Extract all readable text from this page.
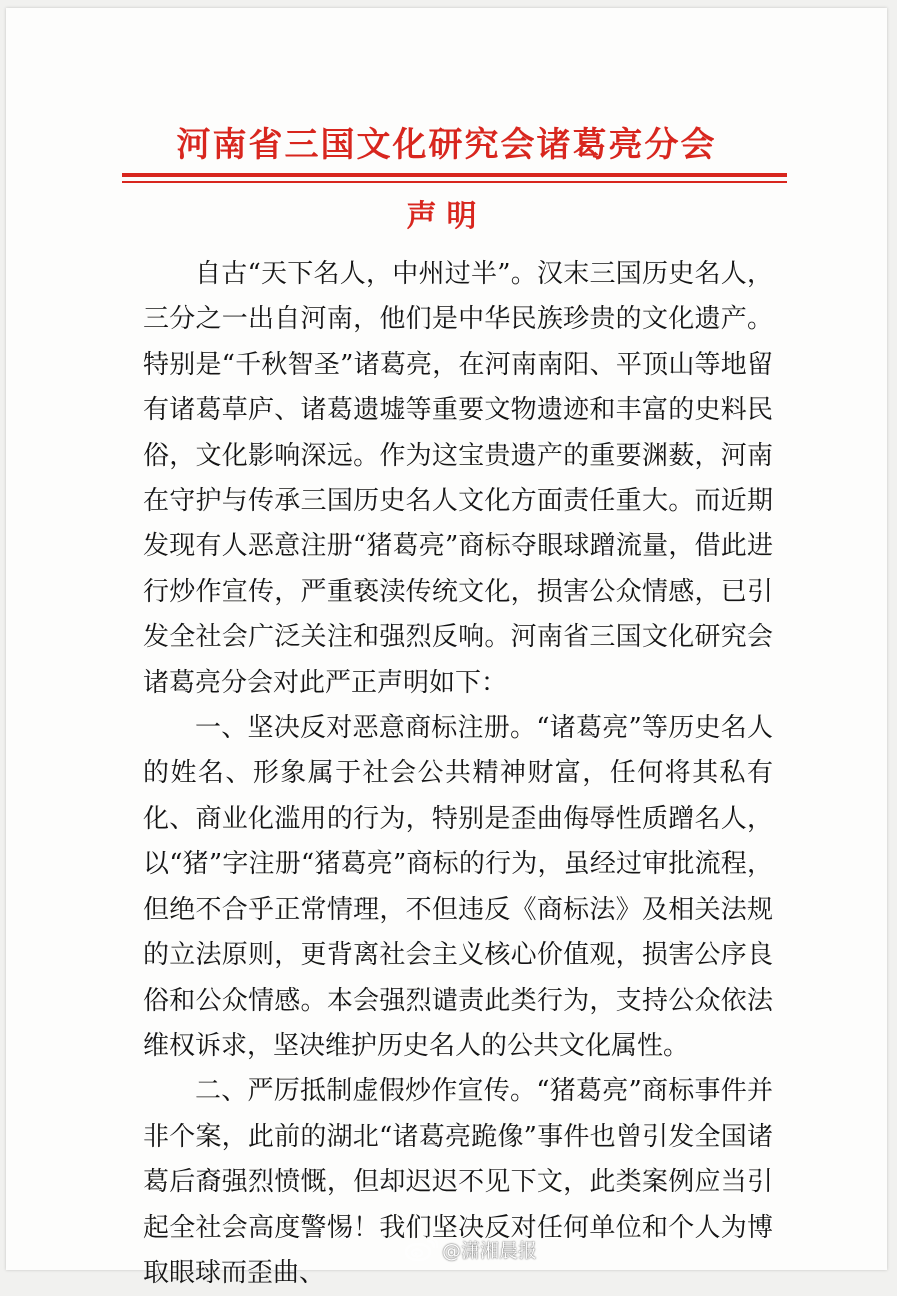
河南省三国文化研究会诸葛亮分会
声明

自古“天下名人，中州过半”。汉末三国历史名人，三分之一出自河南，他们是中华民族珍贵的文化遗产。特别是“千秋智圣”诸葛亮，在河南南阳、平顶山等地留有诸葛草庐、诸葛遗墟等重要文物遗迹和丰富的史料民俗，文化影响深远。作为这宝贵遗产的重要渊薮，河南在守护与传承三国历史名人文化方面责任重大。而近期发现有人恶意注册“猪葛亮”商标夺眼球蹭流量，借此进行炒作宣传，严重亵渎传统文化，损害公众情感，已引发全社会广泛关注和强烈反响。河南省三国文化研究会诸葛亮分会对此严正声明如下：

一、坚决反对恶意商标注册。“诸葛亮”等历史名人的姓名、形象属于社会公共精神财富，任何将其私有化、商业化滥用的行为，特别是歪曲侮辱性质蹭名人，以“猪”字注册“猪葛亮”商标的行为，虽经过审批流程，但绝不合乎正常情理，不但违反《商标法》及相关法规的立法原则，更背离社会主义核心价值观，损害公序良俗和公众情感。本会强烈谴责此类行为，支持公众依法维权诉求，坚决维护历史名人的公共文化属性。

二、严厉抵制虚假炒作宣传。“猪葛亮”商标事件并非个案，此前的湖北“诸葛亮跪像”事件也曾引发全国诸葛后裔强烈愤慨，但却迟迟不见下文，此类案例应当引起全社会高度警惕！我们坚决反对任何单位和个人为博取眼球而歪曲、

@潇湘晨报
